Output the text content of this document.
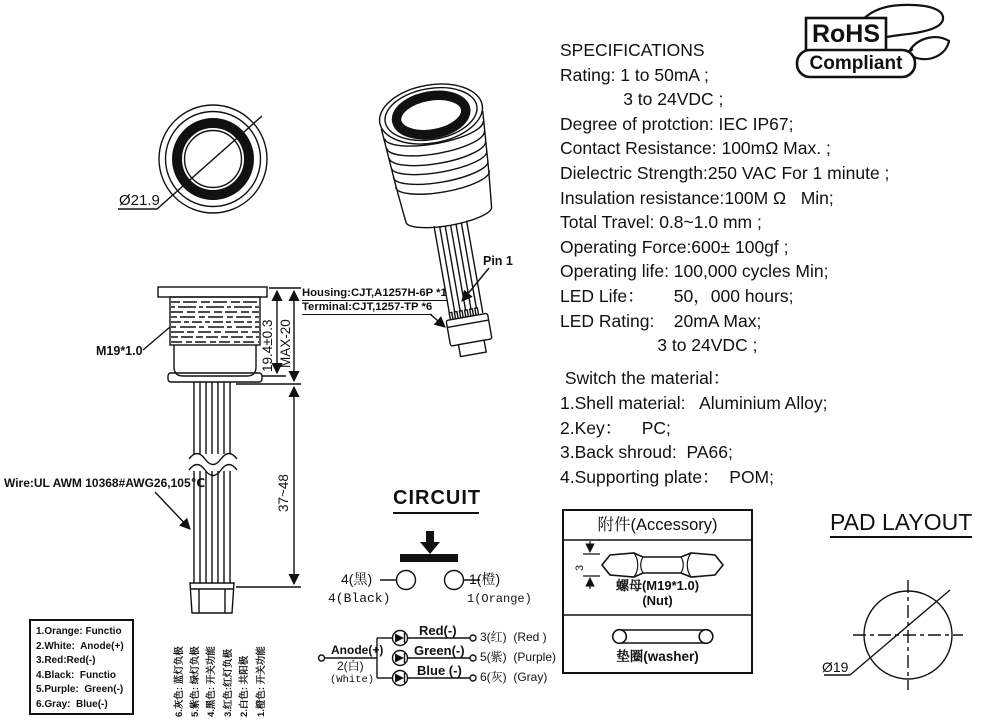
RoHS
Compliant
SPECIFICATIONS
Rating: 1 to 50mA ;
3 to 24VDC ;
Degree of protction: IEC IP67;
Contact Resistance: 100mΩ Max. ;
Dielectric Strength:250 VAC For 1 minute ;
Insulation resistance:100M Ω   Min;
Total Travel: 0.8~1.0 mm ;
Operating Force:600± 100gf ;
Operating life: 100,000 cycles Min;
LED Life：      50，000 hours;
LED Rating:    20mA Max;
3 to 24VDC ;
Switch the material：
1.Shell material:   Aluminium Alloy;
2.Key：    PC;
3.Back shroud:  PA66;
4.Supporting plate：  POM;
Ø21.9
Pin 1
Housing:CJT,A1257H-6P *1
Terminal:CJT,1257-TP *6
M19*1.0	19.4±0.3 MAX-20
37~48
Wire:UL AWM 10368#AWG26,105℃
CIRCUIT
4(黑)
4(Black)
1(橙)
1(Orange)
Anode(+)
2(白)
(White)
Red(-)
Green(-)
Blue (-)
3(红)  (Red )
5(紫)  (Purple)
6(灰)  (Gray)
附件(Accessory)
3
螺母(M19*1.0)
(Nut)
垫圈(washer)
PAD LAYOUT
Ø19
1.Orange: Functio
2.White:  Anode(+)
3.Red:Red(-)
4.Black:  Functio
5.Purple:  Green(-)
6.Gray:  Blue(-)	6.灰色: 蓝灯负极 5.紫色: 绿灯负极 4.黑色: 开关功能 3.红色:红灯负极 2.白色: 共阳极 1.橙色: 开关功能
